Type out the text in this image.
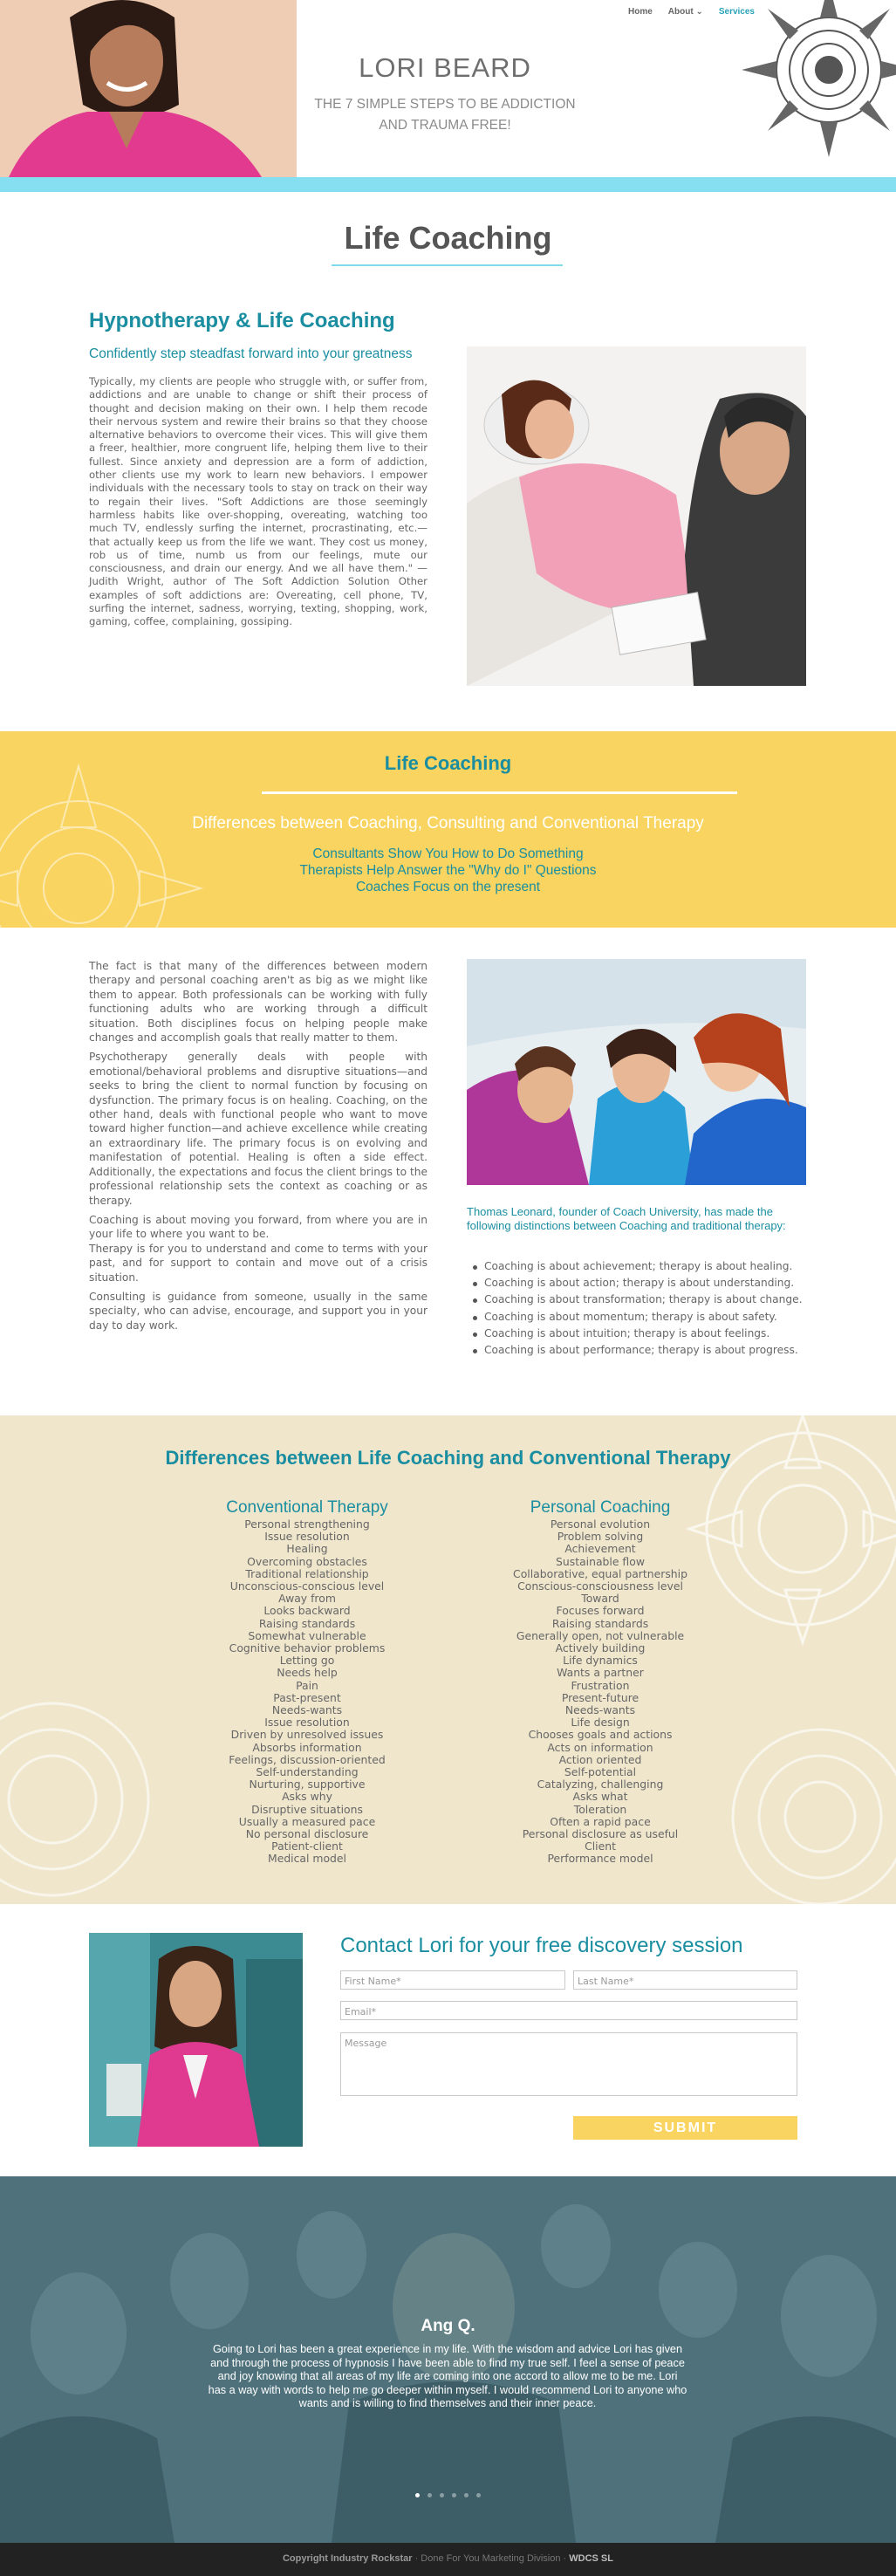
LORI BEARD
THE 7 SIMPLE STEPS TO BE ADDICTION
AND TRAUMA FREE!
Home About ⌄ Services
Life Coaching
Hypnotherapy & Life Coaching
Confidently step steadfast forward into your greatness
Typically, my clients are people who struggle with, or suffer from, addictions and are unable to change or shift their process of thought and decision making on their own. I help them recode their nervous system and rewire their brains so that they choose alternative behaviors to overcome their vices. This will give them a freer, healthier, more congruent life, helping them live to their fullest. Since anxiety and depression are a form of addiction, other clients use my work to learn new behaviors. I empower individuals with the necessary tools to stay on track on their way to regain their lives. "Soft Addictions are those seemingly harmless habits like over-shopping, overeating, watching too much TV, endlessly surfing the internet, procrastinating, etc.—that actually keep us from the life we want. They cost us money, rob us of time, numb us from our feelings, mute our consciousness, and drain our energy. And we all have them." — Judith Wright, author of The Soft Addiction Solution Other examples of soft addictions are: Overeating, cell phone, TV, surfing the internet, sadness, worrying, texting, shopping, work, gaming, coffee, complaining, gossiping.
Life Coaching
Differences between Coaching, Consulting and Conventional Therapy
Consultants Show You How to Do Something
Therapists Help Answer the "Why do I" Questions
Coaches Focus on the present

The fact is that many of the differences between modern therapy and personal coaching aren't as big as we might like them to appear. Both professionals can be working with fully functioning adults who are working through a difficult situation. Both disciplines focus on helping people make changes and accomplish goals that really matter to them.

Psychotherapy generally deals with people with emotional/behavioral problems and disruptive situations—and seeks to bring the client to normal function by focusing on dysfunction. The primary focus is on healing. Coaching, on the other hand, deals with functional people who want to move toward higher function—and achieve excellence while creating an extraordinary life. The primary focus is on evolving and manifestation of potential. Healing is often a side effect. Additionally, the expectations and focus the client brings to the professional relationship sets the context as coaching or as therapy.

Coaching is about moving you forward, from where you are in your life to where you want to be.

Therapy is for you to understand and come to terms with your past, and for support to contain and move out of a crisis situation.

Consulting is guidance from someone, usually in the same specialty, who can advise, encourage, and support you in your day to day work.

Thomas Leonard, founder of Coach University, has made the following distinctions between Coaching and traditional therapy:
Coaching is about achievement; therapy is about healing.
Coaching is about action; therapy is about understanding.
Coaching is about transformation; therapy is about change.
Coaching is about momentum; therapy is about safety.
Coaching is about intuition; therapy is about feelings.
Coaching is about performance; therapy is about progress.
Differences between Life Coaching and Conventional Therapy
Conventional Therapy
Personal strengthening
Issue resolution
Healing
Overcoming obstacles
Traditional relationship
Unconscious-conscious level
Away from
Looks backward
Raising standards
Somewhat vulnerable
Cognitive behavior problems
Letting go
Needs help
Pain
Past-present
Needs-wants
Issue resolution
Driven by unresolved issues
Absorbs information
Feelings, discussion-oriented
Self-understanding
Nurturing, supportive
Asks why
Disruptive situations
Usually a measured pace
No personal disclosure
Patient-client
Medical model
Personal Coaching
Personal evolution
Problem solving
Achievement
Sustainable flow
Collaborative, equal partnership
Conscious-consciousness level
Toward
Focuses forward
Raising standards
Generally open, not vulnerable
Actively building
Life dynamics
Wants a partner
Frustration
Present-future
Needs-wants
Life design
Chooses goals and actions
Acts on information
Action oriented
Self-potential
Catalyzing, challenging
Asks what
Toleration
Often a rapid pace
Personal disclosure as useful
Client
Performance model
Contact Lori for your free discovery session
First Name*	Last Name*
Email*
Message
SUBMIT
Ang Q.
Going to Lori has been a great experience in my life. With the wisdom and advice Lori has given and through the process of hypnosis I have been able to find my true self. I feel a sense of peace and joy knowing that all areas of my life are coming into one accord to allow me to be me. Lori has a way with words to help me go deeper within myself. I would recommend Lori to anyone who wants and is willing to find themselves and their inner peace.
Copyright Industry Rockstar · Done For You Marketing Division · WDCS SL
